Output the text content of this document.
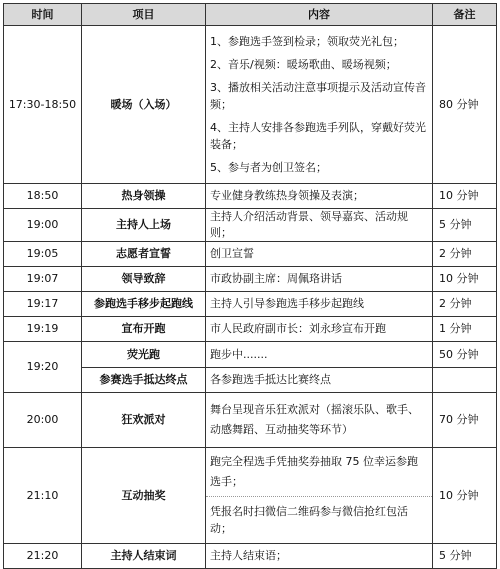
时间	项目	内容	备注
17:30-18:50	暖场（入场）	1、参跑选手签到检录；领取荧光礼包；

2、音乐/视频：暖场歌曲、暖场视频；

3、播放相关活动注意事项提示及活动宣传音频；

4、主持人安排各参跑选手列队，穿戴好荧光装备；

5、参与者为创卫签名；	80 分钟
18:50	热身领操	专业健身教练热身领操及表演；	10 分钟
19:00	主持人上场	主持人介绍活动背景、领导嘉宾、活动规则；	5 分钟
19:05	志愿者宣誓	创卫宣誓	2 分钟
19:07	领导致辞	市政协副主席：周佩珞讲话	10 分钟
19:17	参跑选手移步起跑线	主持人引导参跑选手移步起跑线	2 分钟
19:19	宣布开跑	市人民政府副市长：刘永珍宣布开跑	1 分钟
19:20	荧光跑	跑步中.......	50 分钟
	参赛选手抵达终点	各参跑选手抵达比赛终点	
20:00	狂欢派对	舞台呈现音乐狂欢派对（摇滚乐队、歌手、动感舞蹈、互动抽奖等环节）	70 分钟
21:10	互动抽奖	跑完全程选手凭抽奖券抽取 75 位幸运参跑选手；

凭报名时扫微信二维码参与微信抢红包活动；	10 分钟
21:20	主持人结束词	主持人结束语；	5 分钟
